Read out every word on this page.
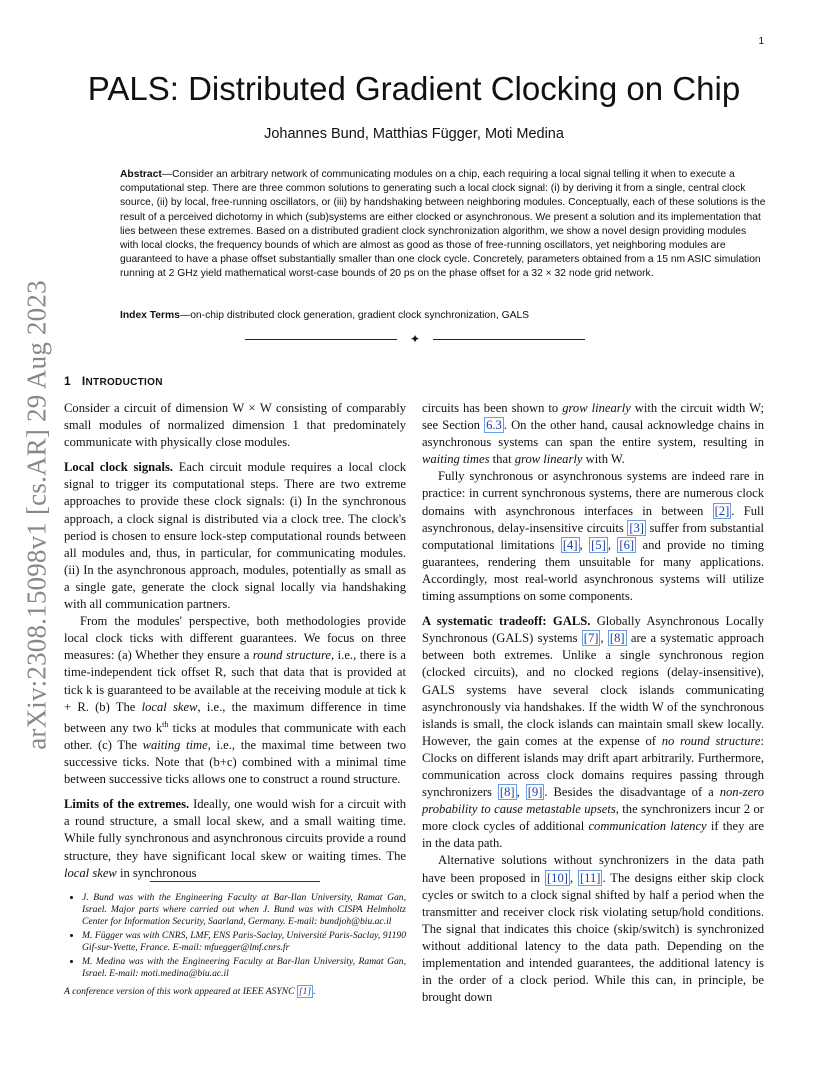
1
arXiv:2308.15098v1 [cs.AR] 29 Aug 2023
PALS: Distributed Gradient Clocking on Chip
Johannes Bund, Matthias Függer, Moti Medina
Abstract—Consider an arbitrary network of communicating modules on a chip, each requiring a local signal telling it when to execute a computational step. There are three common solutions to generating such a local clock signal: (i) by deriving it from a single, central clock source, (ii) by local, free-running oscillators, or (iii) by handshaking between neighboring modules. Conceptually, each of these solutions is the result of a perceived dichotomy in which (sub)systems are either clocked or asynchronous. We present a solution and its implementation that lies between these extremes. Based on a distributed gradient clock synchronization algorithm, we show a novel design providing modules with local clocks, the frequency bounds of which are almost as good as those of free-running oscillators, yet neighboring modules are guaranteed to have a phase offset substantially smaller than one clock cycle. Concretely, parameters obtained from a 15 nm ASIC simulation running at 2 GHz yield mathematical worst-case bounds of 20 ps on the phase offset for a 32 × 32 node grid network.
Index Terms—on-chip distributed clock generation, gradient clock synchronization, GALS
✦
1 INTRODUCTION

Consider a circuit of dimension W × W consisting of comparably small modules of normalized dimension 1 that predominately communicate with physically close modules.

Local clock signals. Each circuit module requires a local clock signal to trigger its computational steps. There are two extreme approaches to provide these clock signals: (i) In the synchronous approach, a clock signal is distributed via a clock tree. The clock's period is chosen to ensure lock-step computational rounds between all modules and, thus, in particular, for communicating modules. (ii) In the asynchronous approach, modules, potentially as small as a single gate, generate the clock signal locally via handshaking with all communication partners.

From the modules' perspective, both methodologies provide local clock ticks with different guarantees. We focus on three measures: (a) Whether they ensure a round structure, i.e., there is a time-independent tick offset R, such that data that is provided at tick k is guaranteed to be available at the receiving module at tick k + R. (b) The local skew, i.e., the maximum difference in time between any two $k^{th}$ ticks at modules that communicate with each other. (c) The waiting time, i.e., the maximal time between two successive ticks. Note that (b+c) combined with a minimal time between successive ticks allows one to construct a round structure.

Limits of the extremes. Ideally, one would wish for a circuit with a round structure, a small local skew, and a small waiting time. While fully synchronous and asynchronous circuits provide a round structure, they have significant local skew or waiting times. The local skew in synchronous

• J. Bund was with the Engineering Faculty at Bar-Ilan University, Ramat Gan, Israel. Major parts where carried out when J. Bund was with CISPA Helmholtz Center for Information Security, Saarland, Germany. E-mail: bundjoh@biu.ac.il
• M. Függer was with CNRS, LMF, ENS Paris-Saclay, Université Paris-Saclay, 91190 Gif-sur-Yvette, France. E-mail: mfuegger@lmf.cnrs.fr
• M. Medina was with the Engineering Faculty at Bar-Ilan University, Ramat Gan, Israel. E-mail: moti.medina@biu.ac.il
A conference version of this work appeared at IEEE ASYNC [1] .

circuits has been shown to grow linearly with the circuit width W; see Section 6.3 . On the other hand, causal acknowledge chains in asynchronous systems can span the entire system, resulting in waiting times that grow linearly with W.

Fully synchronous or asynchronous systems are indeed rare in practice: in current synchronous systems, there are numerous clock domains with asynchronous interfaces in between [2] . Full asynchronous, delay-insensitive circuits [3] suffer from substantial computational limitations [4] , [5] , [6] and provide no timing guarantees, rendering them unsuitable for many applications. Accordingly, most real-world asynchronous systems will utilize timing assumptions on some components.

A systematic tradeoff: GALS. Globally Asynchronous Locally Synchronous (GALS) systems [7] , [8] are a systematic approach between both extremes. Unlike a single synchronous region (clocked circuits), and no clocked regions (delay-insensitive), GALS systems have several clock islands communicating asynchronously via handshakes. If the width W of the synchronous islands is small, the clock islands can maintain small skew locally. However, the gain comes at the expense of no round structure: Clocks on different islands may drift apart arbitrarily. Furthermore, communication across clock domains requires passing through synchronizers [8] , [9] . Besides the disadvantage of a non-zero probability to cause metastable upsets, the synchronizers incur 2 or more clock cycles of additional communication latency if they are in the data path.

Alternative solutions without synchronizers in the data path have been proposed in [10] , [11] . The designs either skip clock cycles or switch to a clock signal shifted by half a period when the transmitter and receiver clock risk violating setup/hold conditions. The signal that indicates this choice (skip/switch) is synchronized without additional latency to the data path. Depending on the implementation and intended guarantees, the additional latency is in the order of a clock period. While this can, in principle, be brought down
